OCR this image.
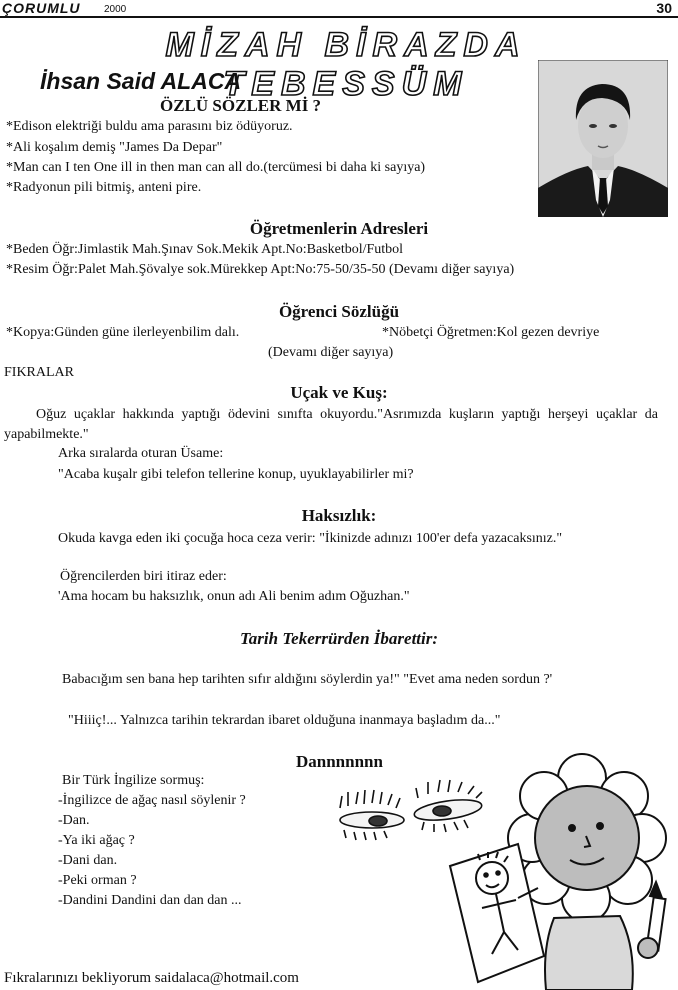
ÇORUMLU 2000	30
MİZAH BİRAZDA TEBESSÜM
İhsan Said ALACA
ÖZLÜ SÖZLER Mİ ?
*Edison elektriği buldu ama parasını biz ödüyoruz.
*Ali koşalım demiş "James Da Depar"
*Man can I ten One ill in then man can all do.(tercümesi bi daha ki sayıya)
*Radyonun pili bitmiş, anteni pire.
Öğretmenlerin Adresleri
*Beden Öğr:Jimlastik Mah.Şınav Sok.Mekik Apt.No:Basketbol/Futbol
*Resim Öğr:Palet Mah.Şövalye sok.Mürekkep Apt:No:75-50/35-50 (Devamı diğer sayıya)
Öğrenci Sözlüğü
*Kopya:Günden güne ilerleyenbilim dalı.	*Nöbetçi Öğretmen:Kol gezen devriye
(Devamı diğer sayıya)
FIKRALAR
Uçak ve Kuş:
Oğuz uçaklar hakkında yaptığı ödevini sınıfta okuyordu."Asrımızda kuşların yaptığı herşeyi uçaklar da yapabilmekte."
Arka sıralarda oturan Üsame:
"Acaba kuşalr gibi telefon tellerine konup, uyuklayabilirler mi?
Haksızlık:
Okuda kavga eden iki çocuğa hoca ceza verir: "İkinizde adınızı 100'er defa yazacaksınız."
Öğrencilerden biri itiraz eder:
'Ama hocam bu haksızlık, onun adı Ali benim adım Oğuzhan."
Tarih Tekerrürden İbarettir:
Babacığım sen bana hep tarihten sıfır aldığını söylerdin ya!" "Evet ama neden sordun ?'
"Hiiiç!... Yalnızca tarihin tekrardan ibaret olduğuna inanmaya başladım da..."
Dannnnnnn
Bir Türk İngilize sormuş:
-İngilizce de ağaç nasıl söylenir ?
-Dan.
-Ya iki ağaç ?
-Dani dan.
-Peki orman ?
-Dandini Dandini dan dan dan ...
Fıkralarınızı bekliyorum saidalaca@hotmail.com
